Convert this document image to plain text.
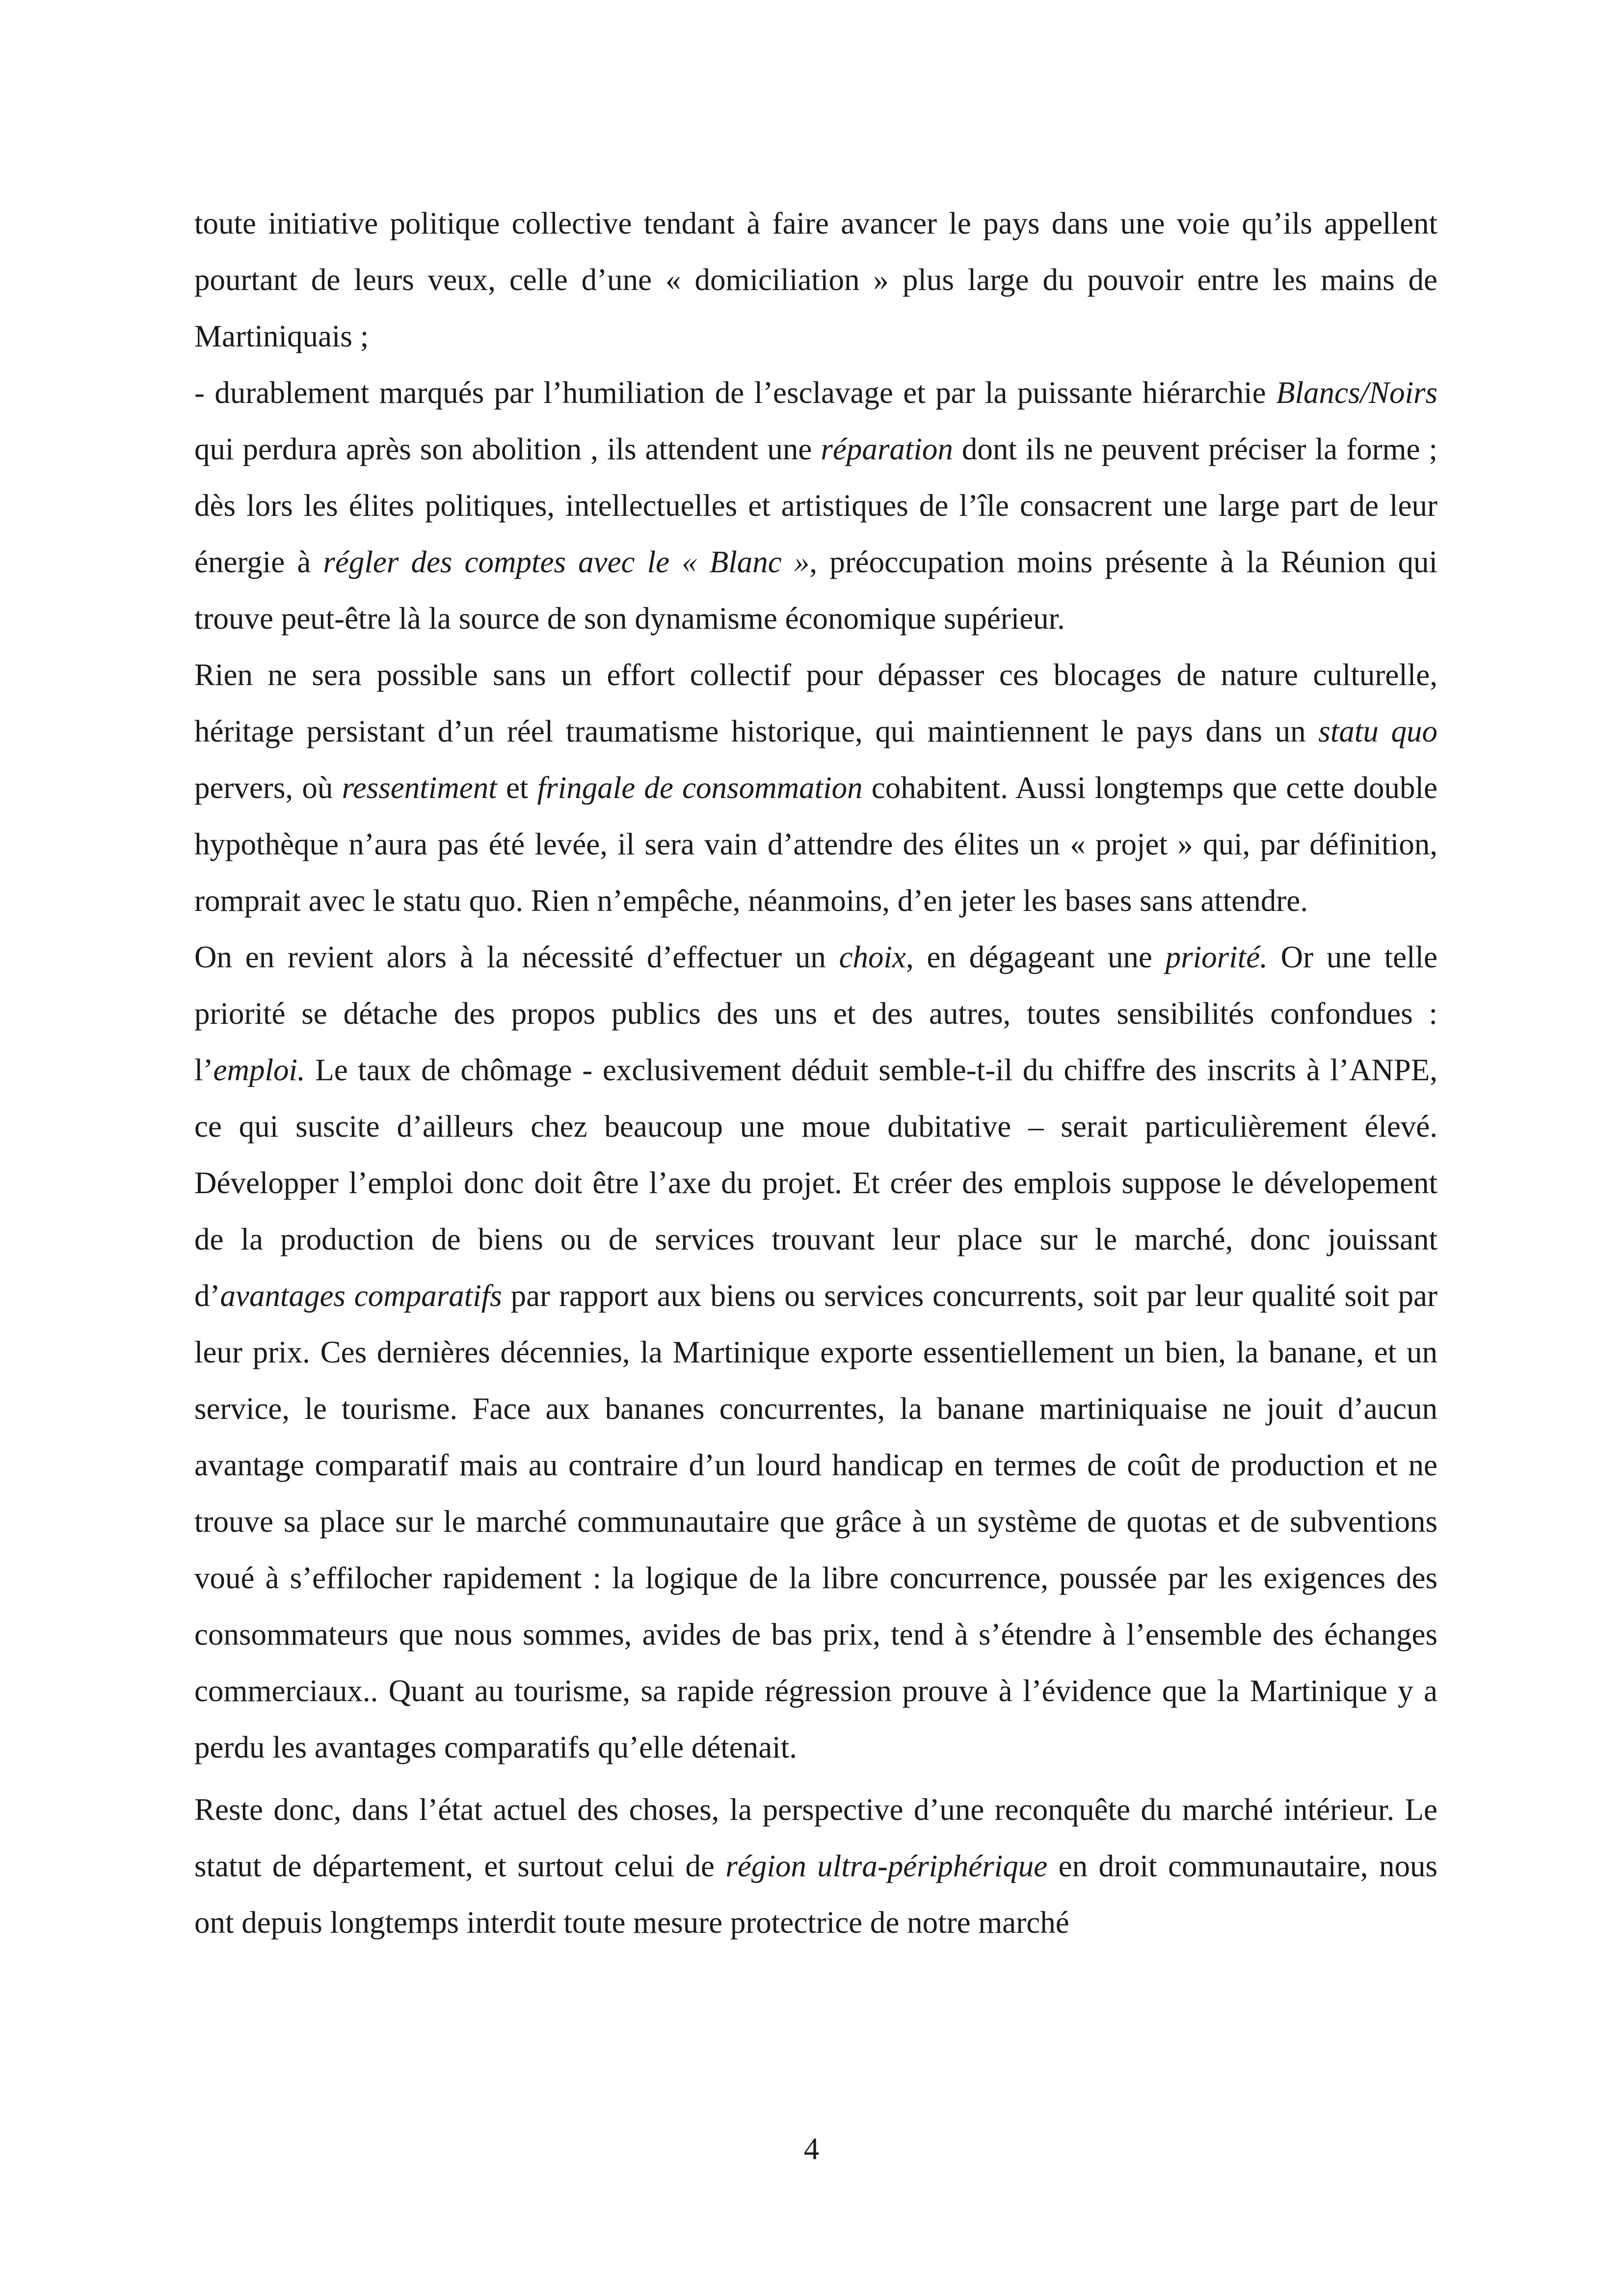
toute initiative politique collective tendant à faire avancer le pays dans une voie qu’ils appellent pourtant de leurs veux, celle d’une « domiciliation » plus large du pouvoir entre les mains de Martiniquais ;

- durablement marqués par l’humiliation de l’esclavage et par la puissante hiérarchie Blancs/Noirs qui perdura après son abolition , ils attendent une réparation dont ils ne peuvent préciser la forme ; dès lors les élites politiques, intellectuelles et artistiques de l’île consacrent une large part de leur énergie à régler des comptes avec le « Blanc », préoccupation moins présente à la Réunion qui trouve peut-être là la source de son dynamisme économique supérieur.

Rien ne sera possible sans un effort collectif pour dépasser ces blocages de nature culturelle, héritage persistant d’un réel traumatisme historique, qui maintiennent le pays dans un statu quo pervers, où ressentiment et fringale de consommation cohabitent. Aussi longtemps que cette double hypothèque n’aura pas été levée, il sera vain d’attendre des élites un « projet » qui, par définition, romprait avec le statu quo. Rien n’empêche, néanmoins, d’en jeter les bases sans attendre.

On en revient alors à la nécessité d’effectuer un choix, en dégageant une priorité. Or une telle priorité se détache des propos publics des uns et des autres, toutes sensibilités confondues : l’emploi. Le taux de chômage - exclusivement déduit semble-t-il du chiffre des inscrits à l’ANPE, ce qui suscite d’ailleurs chez beaucoup une moue dubitative – serait particulièrement élevé. Développer l’emploi donc doit être l’axe du projet. Et créer des emplois suppose le dévelopement de la production de biens ou de services trouvant leur place sur le marché, donc jouissant d’avantages comparatifs par rapport aux biens ou services concurrents, soit par leur qualité soit par leur prix. Ces dernières décennies, la Martinique exporte essentiellement un bien, la banane, et un service, le tourisme. Face aux bananes concurrentes, la banane martiniquaise ne jouit d’aucun avantage comparatif mais au contraire d’un lourd handicap en termes de coût de production et ne trouve sa place sur le marché communautaire que grâce à un système de quotas et de subventions voué à s’effilocher rapidement : la logique de la libre concurrence, poussée par les exigences des consommateurs que nous sommes, avides de bas prix, tend à s’étendre à l’ensemble des échanges commerciaux.. Quant au tourisme, sa rapide régression prouve à l’évidence que la Martinique y a perdu les avantages comparatifs qu’elle détenait.

Reste donc, dans l’état actuel des choses, la perspective d’une reconquête du marché intérieur. Le statut de département, et surtout celui de région ultra-périphérique en droit communautaire, nous ont depuis longtemps interdit toute mesure protectrice de notre marché

4
